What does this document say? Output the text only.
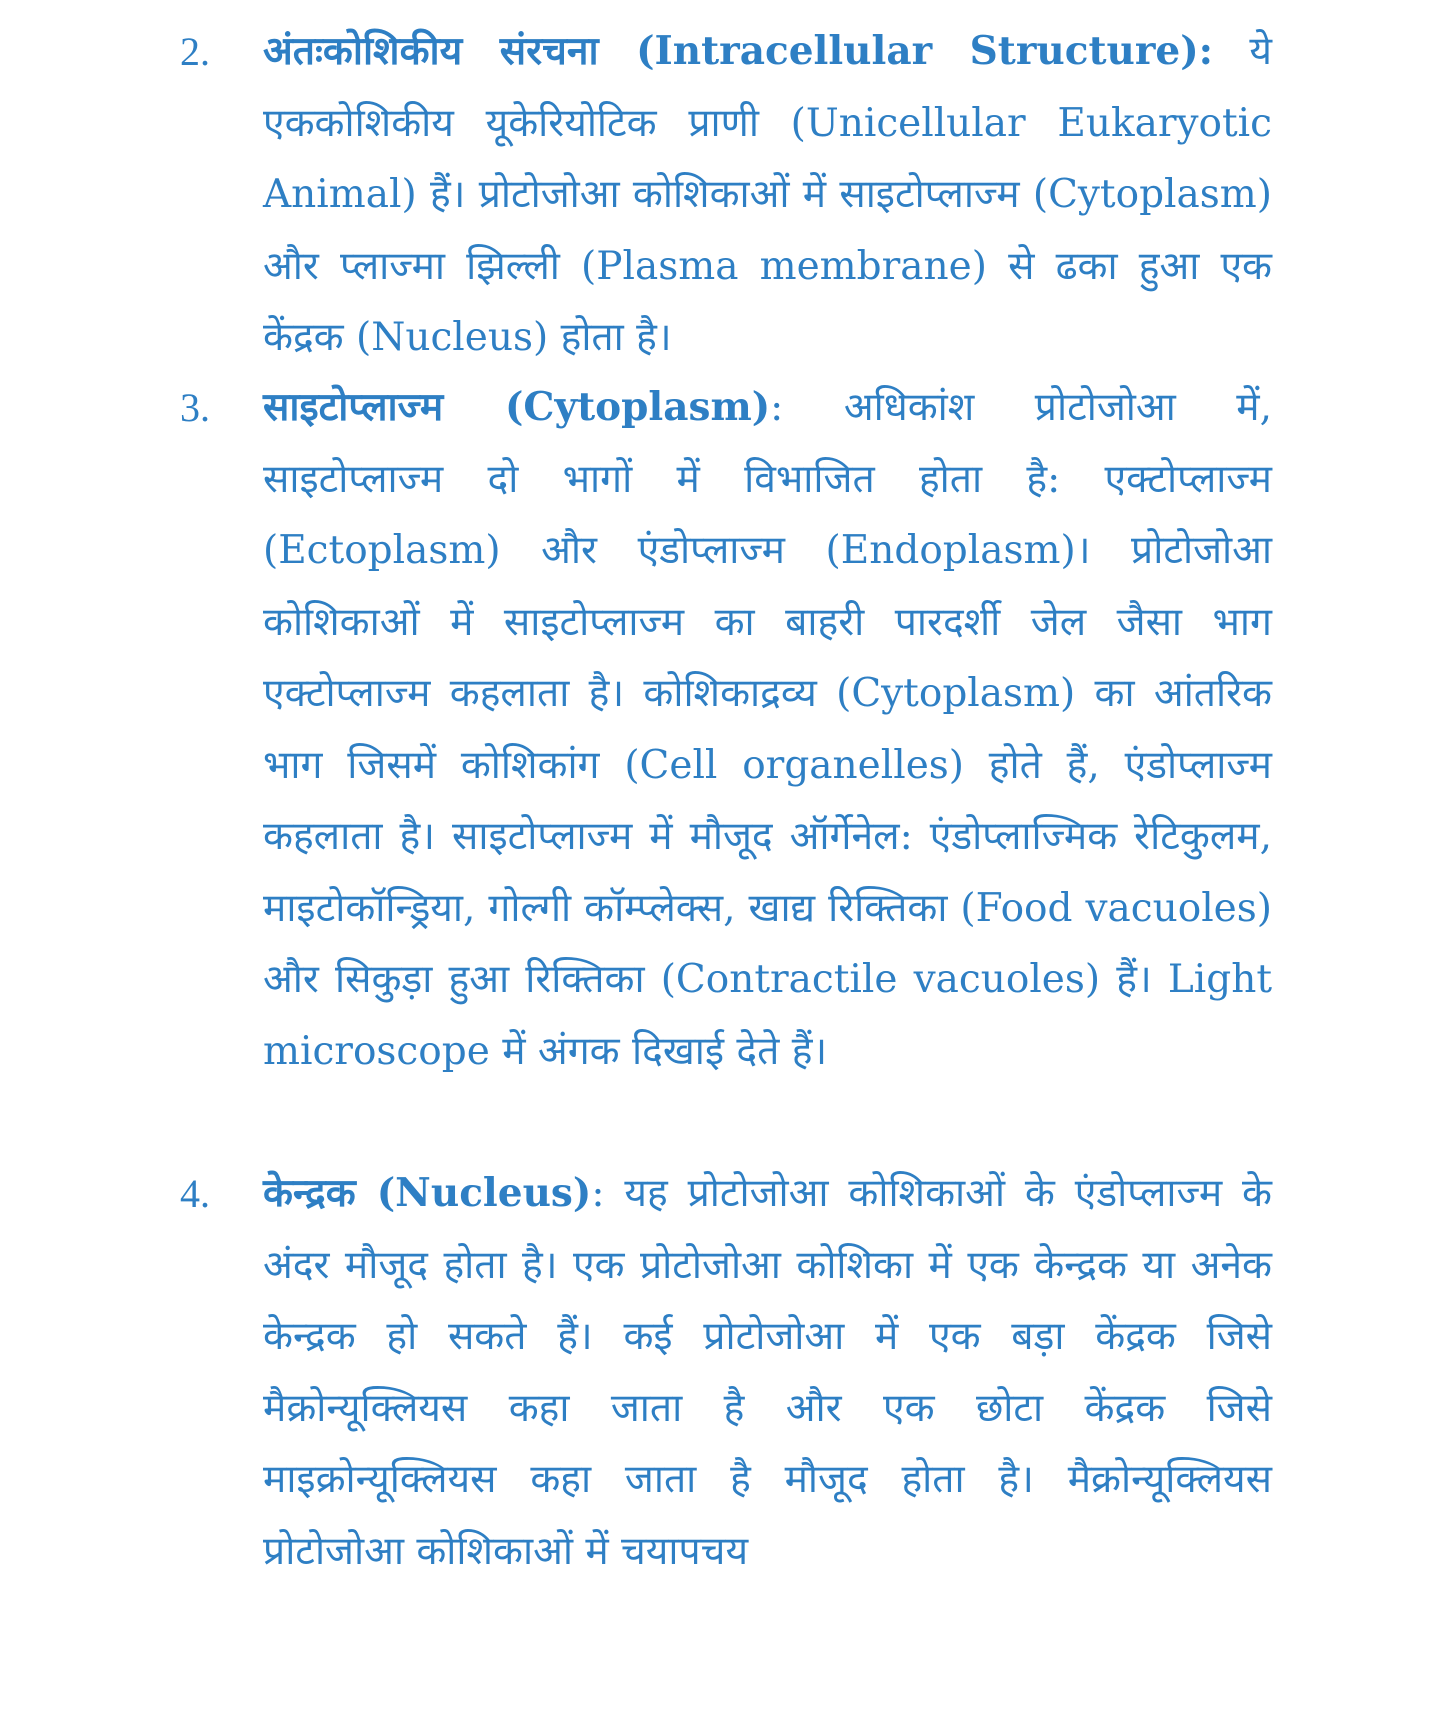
2.	अंतःकोशिकीय संरचना (Intracellular Structure): ये एककोशिकीय यूकेरियोटिक प्राणी (Unicellular Eukaryotic Animal) हैं। प्रोटोजोआ कोशिकाओं में साइटोप्लाज्म (Cytoplasm) और प्लाज्मा झिल्ली (Plasma membrane) से ढका हुआ एक केंद्रक (Nucleus) होता है।
3.	साइटोप्लाज्म (Cytoplasm): अधिकांश प्रोटोजोआ में, साइटोप्लाज्म दो भागों में विभाजित होता है: एक्टोप्लाज्म (Ectoplasm) और एंडोप्लाज्म (Endoplasm)। प्रोटोजोआ कोशिकाओं में साइटोप्लाज्म का बाहरी पारदर्शी जेल जैसा भाग एक्टोप्लाज्म कहलाता है। कोशिकाद्रव्य (Cytoplasm) का आंतरिक भाग जिसमें कोशिकांग (Cell organelles) होते हैं, एंडोप्लाज्म कहलाता है। साइटोप्लाज्म में मौजूद ऑर्गेनेल: एंडोप्लाज्मिक रेटिकुलम, माइटोकॉन्ड्रिया, गोल्गी कॉम्प्लेक्स, खाद्य रिक्तिका (Food vacuoles) और सिकुड़ा हुआ रिक्तिका (Contractile vacuoles) हैं। Light microscope में अंगक दिखाई देते हैं।
4.	केन्द्रक (Nucleus): यह प्रोटोजोआ कोशिकाओं के एंडोप्लाज्म के अंदर मौजूद होता है। एक प्रोटोजोआ कोशिका में एक केन्द्रक या अनेक केन्द्रक हो सकते हैं। कई प्रोटोजोआ में एक बड़ा केंद्रक जिसे मैक्रोन्यूक्लियस कहा जाता है और एक छोटा केंद्रक जिसे माइक्रोन्यूक्लियस कहा जाता है मौजूद होता है। मैक्रोन्यूक्लियस प्रोटोजोआ कोशिकाओं में चयापचय
